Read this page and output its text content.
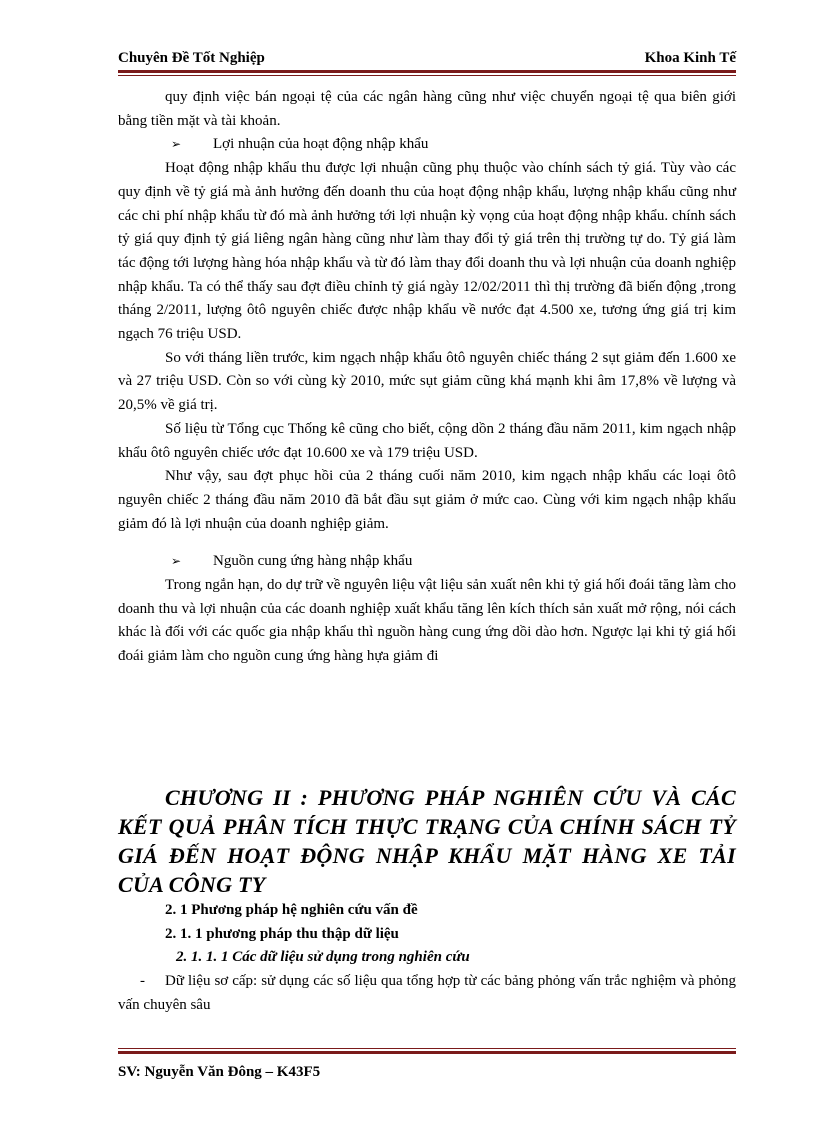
Chuyên Đề Tốt Nghiệp	Khoa Kinh Tế

quy định việc bán ngoại tệ của các ngân hàng cũng như việc chuyển ngoại tệ qua biên giới bằng tiền mặt và tài khoản.

➢ Lợi nhuận của hoạt động nhập khẩu

Hoạt động nhập khẩu thu được lợi nhuận cũng phụ thuộc vào chính sách tỷ giá. Tùy vào các quy định về tỷ giá mà ảnh hưởng đến doanh thu của hoạt động nhập khẩu, lượng nhập khẩu cũng như các chi phí nhập khẩu từ đó mà ảnh hưởng tới lợi nhuận kỳ vọng của hoạt động nhập khẩu. chính sách tỷ giá quy định tỷ giá liêng ngân hàng cũng như làm thay đổi tỷ giá trên thị trường tự do. Tỷ giá làm tác động tới lượng hàng hóa nhập khẩu và từ đó làm thay đổi doanh thu và lợi nhuận của doanh nghiệp nhập khẩu. Ta có thể thấy sau đợt điều chỉnh tỷ giá ngày 12/02/2011 thì thị trường đã biến động ,trong tháng 2/2011, lượng ôtô nguyên chiếc được nhập khẩu về nước đạt 4.500 xe, tương ứng giá trị kim ngạch 76 triệu USD.

So với tháng liền trước, kim ngạch nhập khẩu ôtô nguyên chiếc tháng 2 sụt giảm đến 1.600 xe và 27 triệu USD. Còn so với cùng kỳ 2010, mức sụt giảm cũng khá mạnh khi âm 17,8% về lượng và 20,5% về giá trị.

Số liệu từ Tổng cục Thống kê cũng cho biết, cộng dồn 2 tháng đầu năm 2011, kim ngạch nhập khẩu ôtô nguyên chiếc ước đạt 10.600 xe và 179 triệu USD.

Như vậy, sau đợt phục hồi của 2 tháng cuối năm 2010, kim ngạch nhập khẩu các loại ôtô nguyên chiếc 2 tháng đầu năm 2010 đã bắt đầu sụt giảm ở mức cao. Cùng với kim ngạch nhập khẩu giảm đó là lợi nhuận của doanh nghiệp giảm.

➢ Nguồn cung ứng hàng nhập khẩu

Trong ngắn hạn, do dự trữ về nguyên liệu vật liệu sản xuất nên khi tỷ giá hối đoái tăng làm cho doanh thu và lợi nhuận của các doanh nghiệp xuất khẩu tăng lên kích thích sản xuất mở rộng, nói cách khác là đối với các quốc gia nhập khẩu thì nguồn hàng cung ứng dồi dào hơn. Ngược lại khi tỷ giá hối đoái giảm làm cho nguồn cung ứng hàng hựa giảm đi

CHƯƠNG II : PHƯƠNG PHÁP NGHIÊN CỨU VÀ CÁC KẾT QUẢ PHÂN TÍCH THỰC TRẠNG CỦA CHÍNH SÁCH TỶ GIÁ ĐẾN HOẠT ĐỘNG NHẬP KHẨU MẶT HÀNG XE TẢI CỦA CÔNG TY

2. 1 Phương pháp hệ nghiên cứu vấn đề

2. 1. 1 phương pháp thu thập dữ liệu

2. 1. 1. 1 Các dữ liệu sử dụng trong nghiên cứu

- Dữ liệu sơ cấp: sử dụng các số liệu qua tổng hợp từ các bảng phỏng vấn trắc nghiệm và phỏng vấn chuyên sâu

SV: Nguyễn Văn Đông – K43F5
